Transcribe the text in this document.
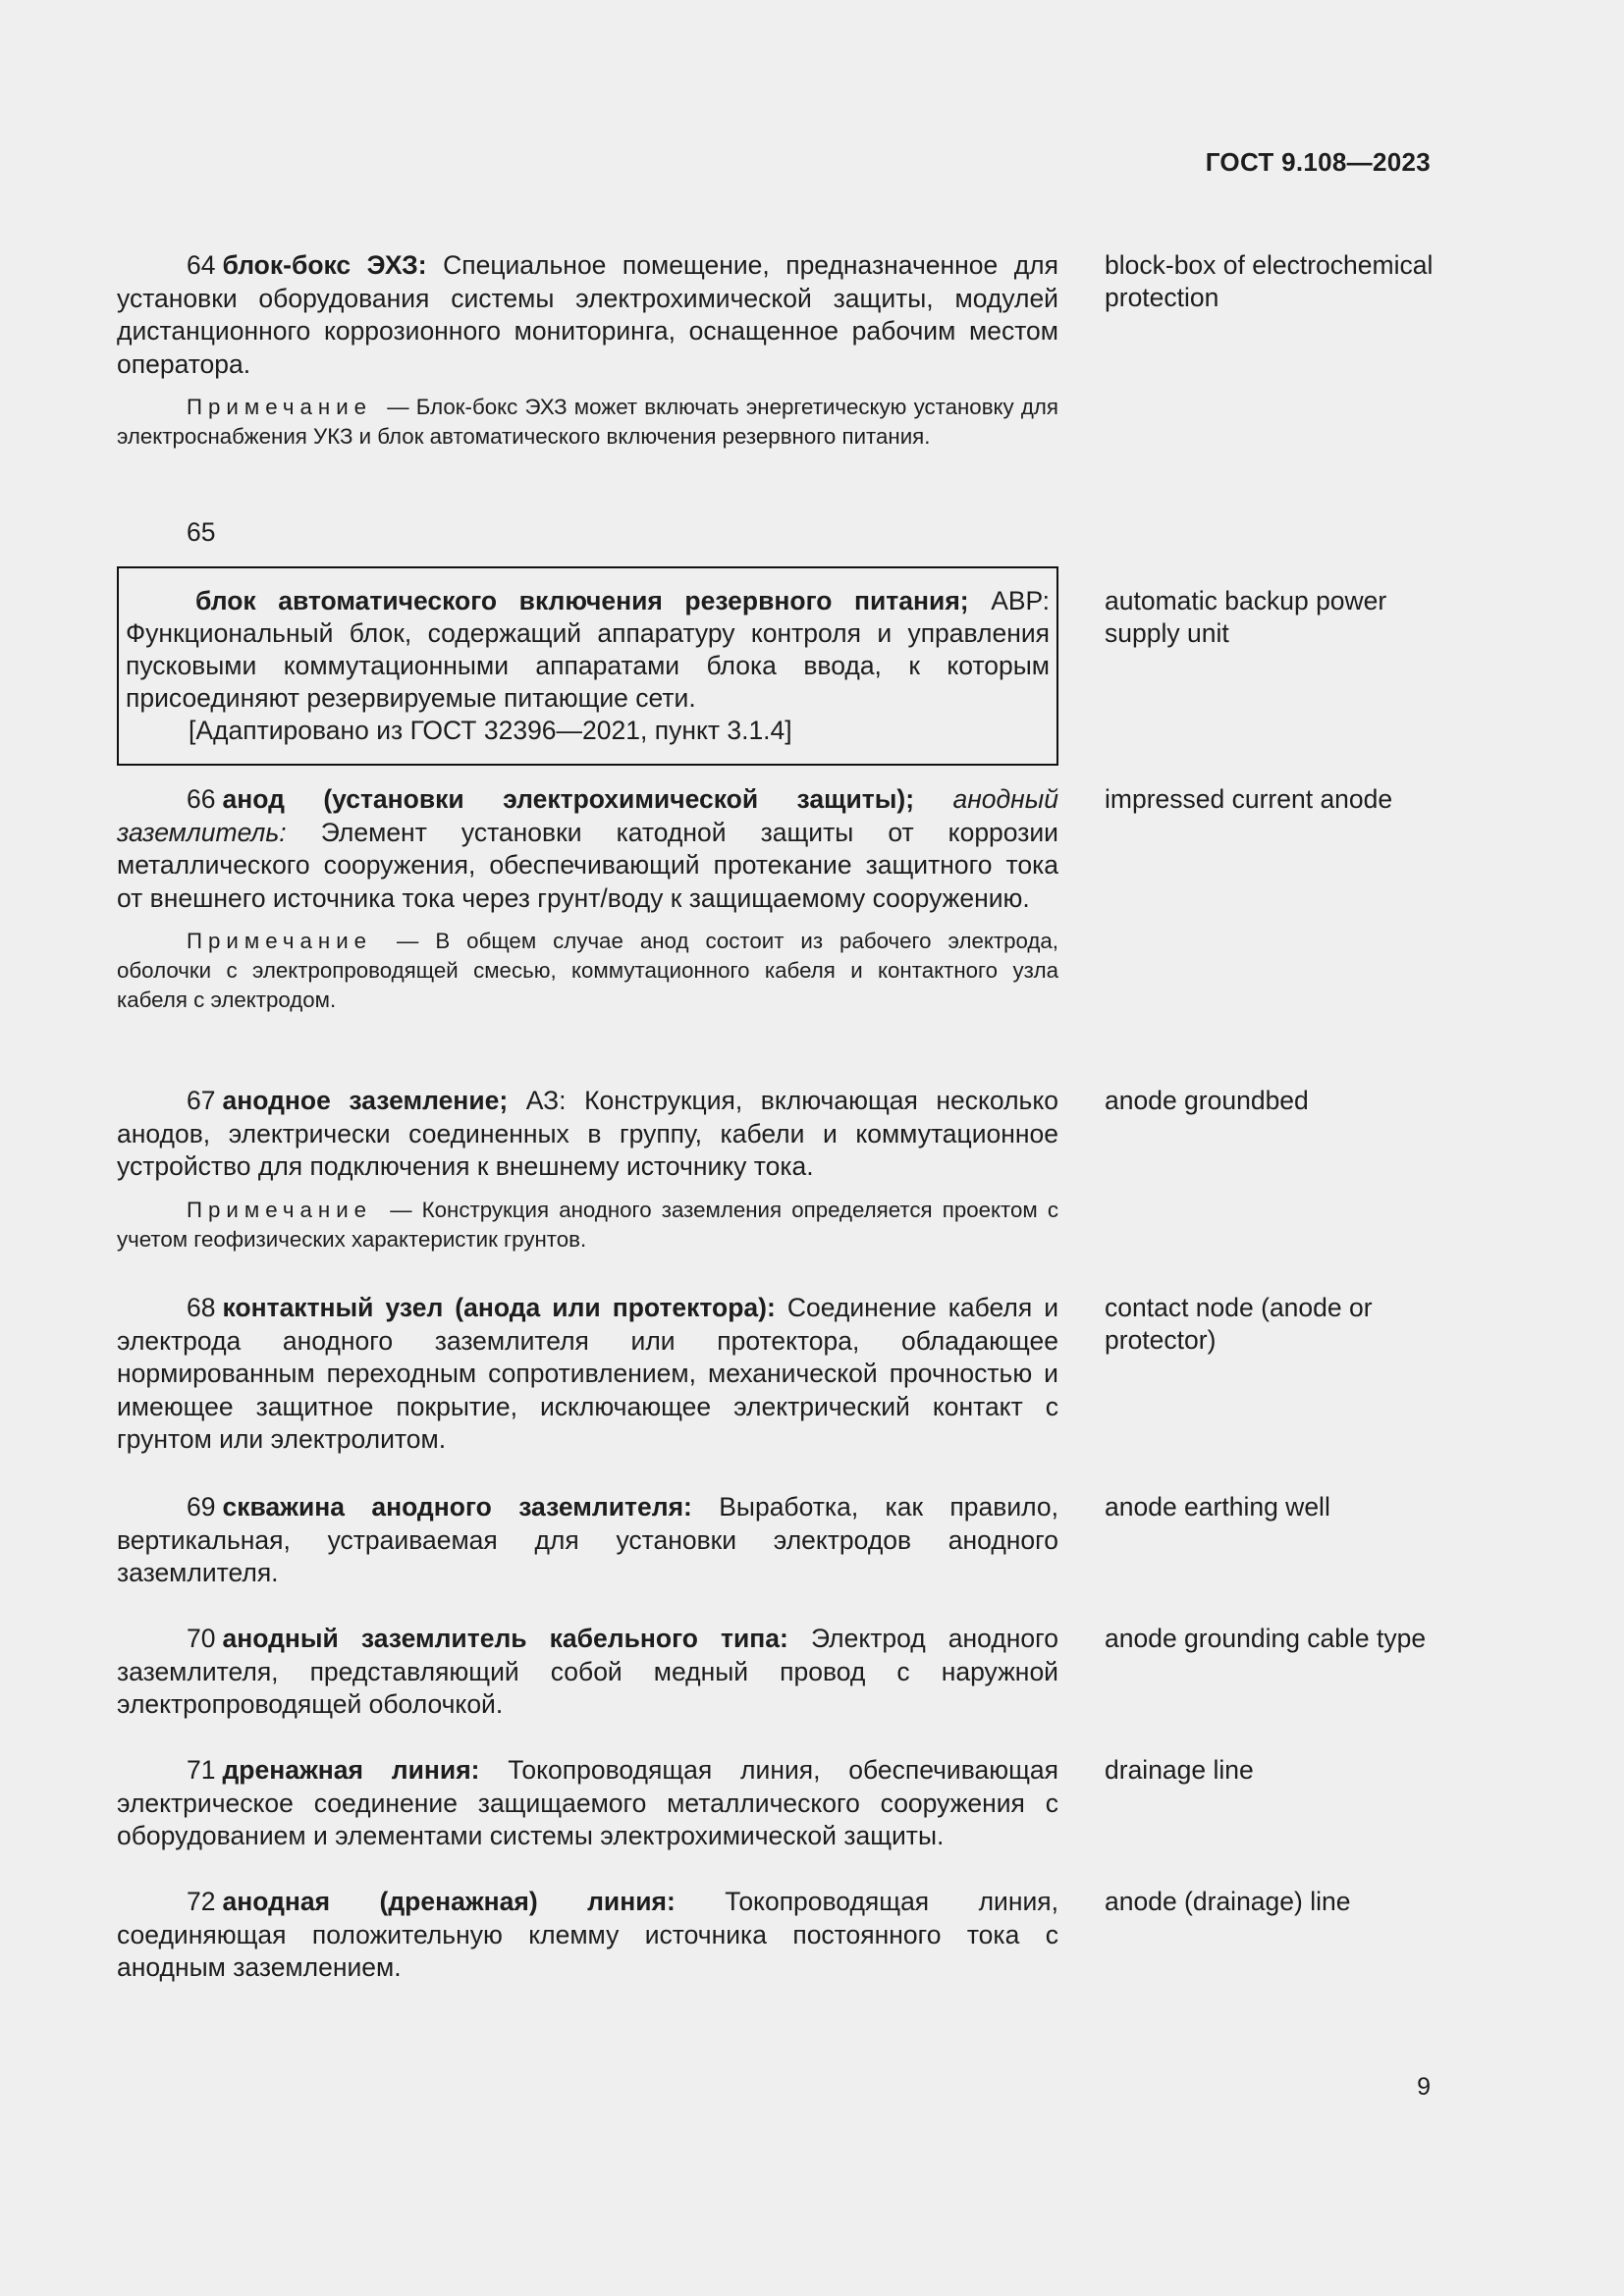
ГОСТ 9.108—2023

64 блок-бокс ЭХЗ: Специальное помещение, предназначенное для установки оборудования системы электрохимической защиты, модулей дистанционного коррозионного мониторинга, оснащенное рабочим местом оператора.

Примечание — Блок-бокс ЭХЗ может включать энергетическую установку для электроснабжения УКЗ и блок автоматического включения резервного питания.

block-box of electrochemical protection
65

блок автоматического включения резервного питания; АВР: Функциональный блок, содержащий аппаратуру контроля и управления пусковыми коммутационными аппаратами блока ввода, к которым присоединяют резервируемые питающие сети.

[Адаптировано из ГОСТ 32396—2021, пункт 3.1.4]

automatic backup power supply unit

66 анод (установки электрохимической защиты); анодный заземлитель: Элемент установки катодной защиты от коррозии металлического сооружения, обеспечивающий протекание защитного тока от внешнего источника тока через грунт/воду к защищаемому сооружению.

Примечание — В общем случае анод состоит из рабочего электрода, оболочки с электропроводящей смесью, коммутационного кабеля и контактного узла кабеля с электродом.

impressed current anode

67 анодное заземление; АЗ: Конструкция, включающая несколько анодов, электрически соединенных в группу, кабели и коммутационное устройство для подключения к внешнему источнику тока.

Примечание — Конструкция анодного заземления определяется проектом с учетом геофизических характеристик грунтов.

anode groundbed

68 контактный узел (анода или протектора): Соединение кабеля и электрода анодного заземлителя или протектора, обладающее нормированным переходным сопротивлением, механической прочностью и имеющее защитное покрытие, исключающее электрический контакт с грунтом или электролитом.

contact node (anode or protector)

69 скважина анодного заземлителя: Выработка, как правило, вертикальная, устраиваемая для установки электродов анодного заземлителя.

anode earthing well

70 анодный заземлитель кабельного типа: Электрод анодного заземлителя, представляющий собой медный провод с наружной электропроводящей оболочкой.

anode grounding cable type

71 дренажная линия: Токопроводящая линия, обеспечивающая электрическое соединение защищаемого металлического сооружения с оборудованием и элементами системы электрохимической защиты.

drainage line

72 анодная (дренажная) линия: Токопроводящая линия, соединяющая положительную клемму источника постоянного тока с анодным заземлением.

anode (drainage) line
9
